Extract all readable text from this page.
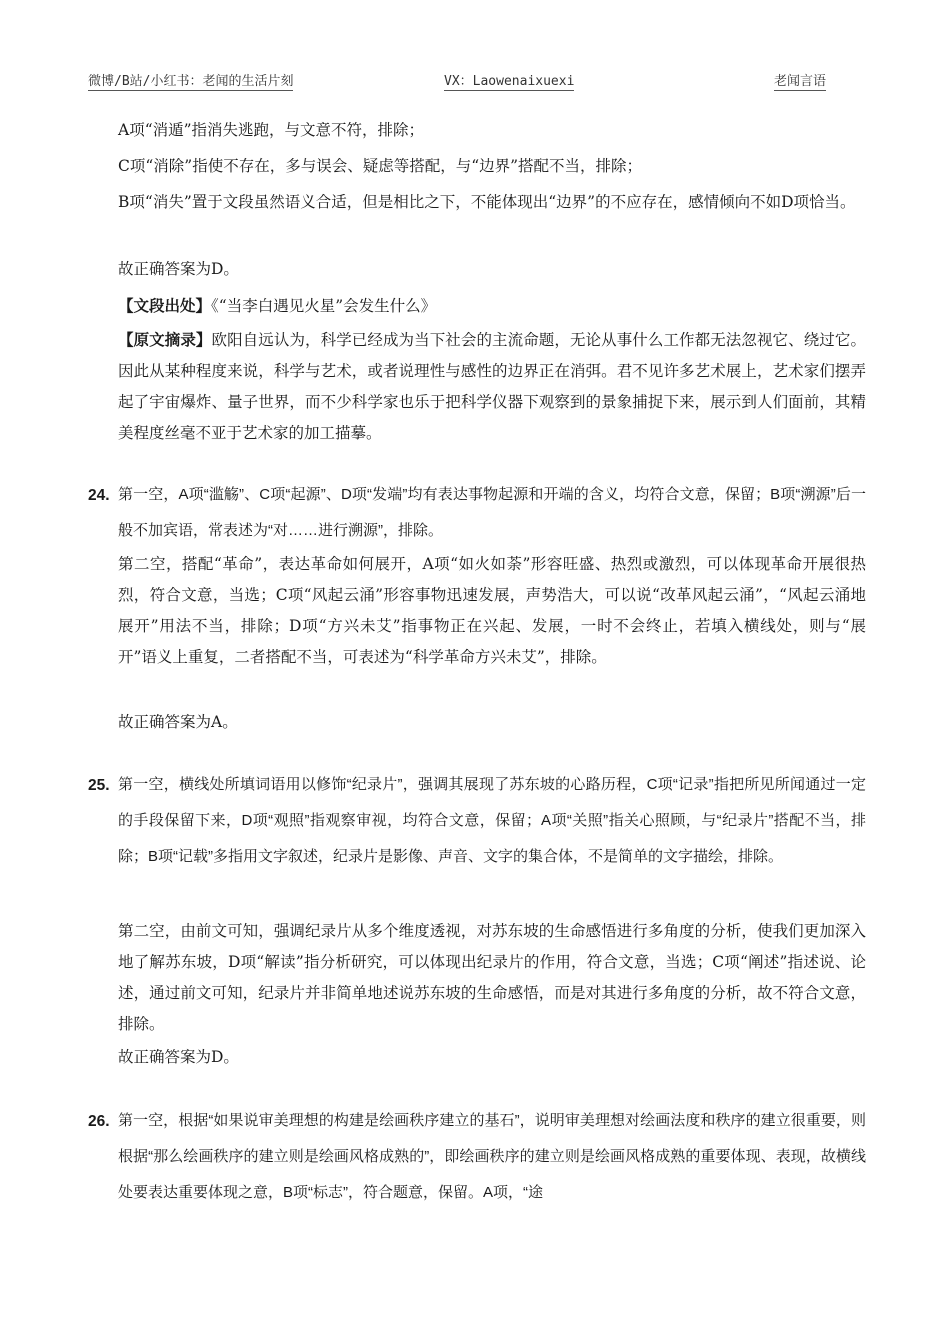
微博/B站/小红书：老闻的生活片刻	VX：Laowenaixuexi	老闻言语

A项“消遁”指消失逃跑，与文意不符，排除；

C项“消除”指使不存在，多与误会、疑虑等搭配，与“边界”搭配不当，排除；

B项“消失”置于文段虽然语义合适，但是相比之下，不能体现出“边界”的不应存在，感情倾向不如D项恰当。

故正确答案为D。

【文段出处】《“当李白遇见火星”会发生什么》

【原文摘录】欧阳自远认为，科学已经成为当下社会的主流命题，无论从事什么工作都无法忽视它、绕过它。因此从某种程度来说，科学与艺术，或者说理性与感性的边界正在消弭。君不见许多艺术展上，艺术家们摆弄起了宇宙爆炸、量子世界，而不少科学家也乐于把科学仪器下观察到的景象捕捉下来，展示到人们面前，其精美程度丝毫不亚于艺术家的加工描摹。

24. 第一空，A项“滥觞”、C项“起源”、D项“发端”均有表达事物起源和开端的含义，均符合文意，保留；B项“溯源”后一般不加宾语，常表述为“对……进行溯源”，排除。

第二空，搭配“革命”，表达革命如何展开，A项“如火如荼”形容旺盛、热烈或激烈，可以体现革命开展很热烈，符合文意，当选；C项“风起云涌”形容事物迅速发展，声势浩大，可以说“改革风起云涌”，“风起云涌地展开”用法不当，排除；D项“方兴未艾”指事物正在兴起、发展，一时不会终止，若填入横线处，则与“展开”语义上重复，二者搭配不当，可表述为“科学革命方兴未艾”，排除。

故正确答案为A。

25. 第一空，横线处所填词语用以修饰“纪录片”，强调其展现了苏东坡的心路历程，C项“记录”指把所见所闻通过一定的手段保留下来，D项“观照”指观察审视，均符合文意，保留；A项“关照”指关心照顾，与“纪录片”搭配不当，排除；B项“记载”多指用文字叙述，纪录片是影像、声音、文字的集合体，不是简单的文字描绘，排除。

第二空，由前文可知，强调纪录片从多个维度透视，对苏东坡的生命感悟进行多角度的分析，使我们更加深入地了解苏东坡，D项“解读”指分析研究，可以体现出纪录片的作用，符合文意，当选；C项“阐述”指述说、论述，通过前文可知，纪录片并非简单地述说苏东坡的生命感悟，而是对其进行多角度的分析，故不符合文意，排除。

故正确答案为D。

26. 第一空，根据“如果说审美理想的构建是绘画秩序建立的基石”，说明审美理想对绘画法度和秩序的建立很重要，则根据“那么绘画秩序的建立则是绘画风格成熟的”，即绘画秩序的建立则是绘画风格成熟的重要体现、表现，故横线处要表达重要体现之意，B项“标志”，符合题意，保留。A项，“途
